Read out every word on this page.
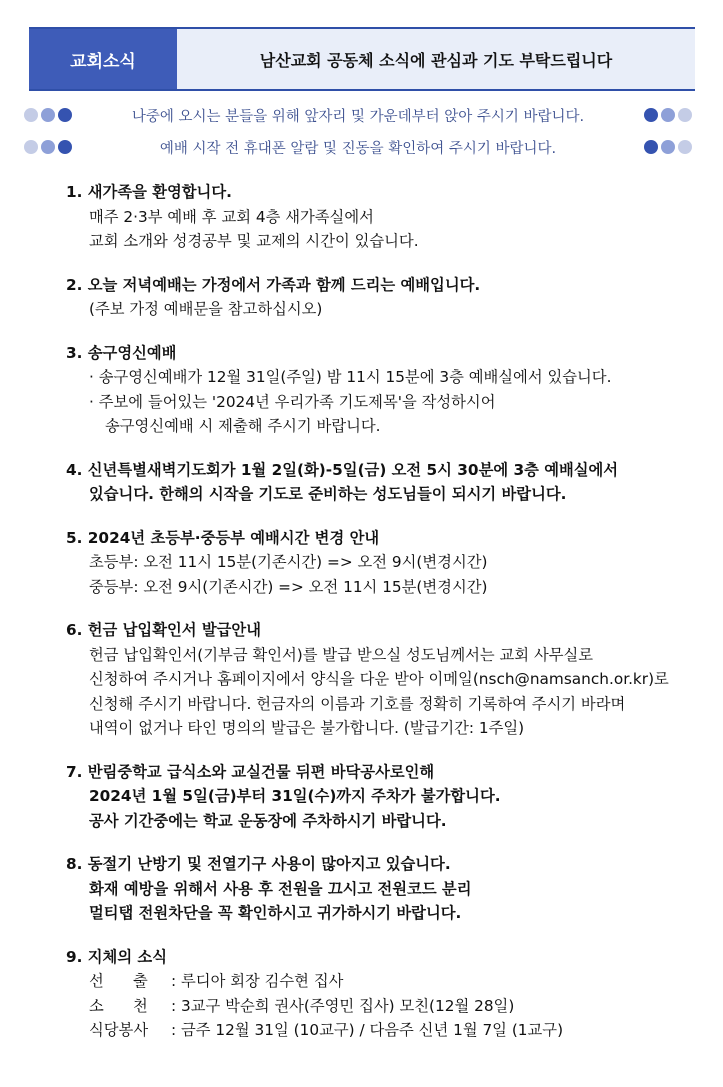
교회소식	남산교회 공동체 소식에 관심과 기도 부탁드립니다
나중에 오시는 분들을 위해 앞자리 및 가운데부터 앉아 주시기 바랍니다.
예배 시작 전 휴대폰 알람 및 진동을 확인하여 주시기 바랍니다.
1. 새가족을 환영합니다.
매주 2·3부 예배 후 교회 4층 새가족실에서
교회 소개와 성경공부 및 교제의 시간이 있습니다.
2. 오늘 저녁예배는 가정에서 가족과 함께 드리는 예배입니다.
(주보 가정 예배문을 참고하십시오)
3. 송구영신예배
· 송구영신예배가 12월 31일(주일) 밤 11시 15분에 3층 예배실에서 있습니다.
· 주보에 들어있는 '2024년 우리가족 기도제목'을 작성하시어
송구영신예배 시 제출해 주시기 바랍니다.
4. 신년특별새벽기도회가 1월 2일(화)-5일(금) 오전 5시 30분에 3층 예배실에서
있습니다. 한해의 시작을 기도로 준비하는 성도님들이 되시기 바랍니다.
5. 2024년 초등부·중등부 예배시간 변경 안내
초등부: 오전 11시 15분(기존시간) => 오전 9시(변경시간)
중등부: 오전 9시(기존시간) => 오전 11시 15분(변경시간)
6. 헌금 납입확인서 발급안내
헌금 납입확인서(기부금 확인서)를 발급 받으실 성도님께서는 교회 사무실로
신청하여 주시거나 홈페이지에서 양식을 다운 받아 이메일(nsch@namsanch.or.kr)로
신청해 주시기 바랍니다. 헌금자의 이름과 기호를 정확히 기록하여 주시기 바라며
내역이 없거나 타인 명의의 발급은 불가합니다. (발급기간: 1주일)
7. 반림중학교 급식소와 교실건물 뒤편 바닥공사로인해
2024년 1월 5일(금)부터 31일(수)까지 주차가 불가합니다.
공사 기간중에는 학교 운동장에 주차하시기 바랍니다.
8. 동절기 난방기 및 전열기구 사용이 많아지고 있습니다.
화재 예방을 위해서 사용 후 전원을 끄시고 전원코드 분리
멀티탭 전원차단을 꼭 확인하시고 귀가하시기 바랍니다.
9. 지체의 소식
선      출 : 루디아 회장 김수현 집사
소      천 : 3교구 박순희 권사(주영민 집사) 모친(12월 28일)
식당봉사 : 금주 12월 31일 (10교구) / 다음주 신년 1월 7일 (1교구)
